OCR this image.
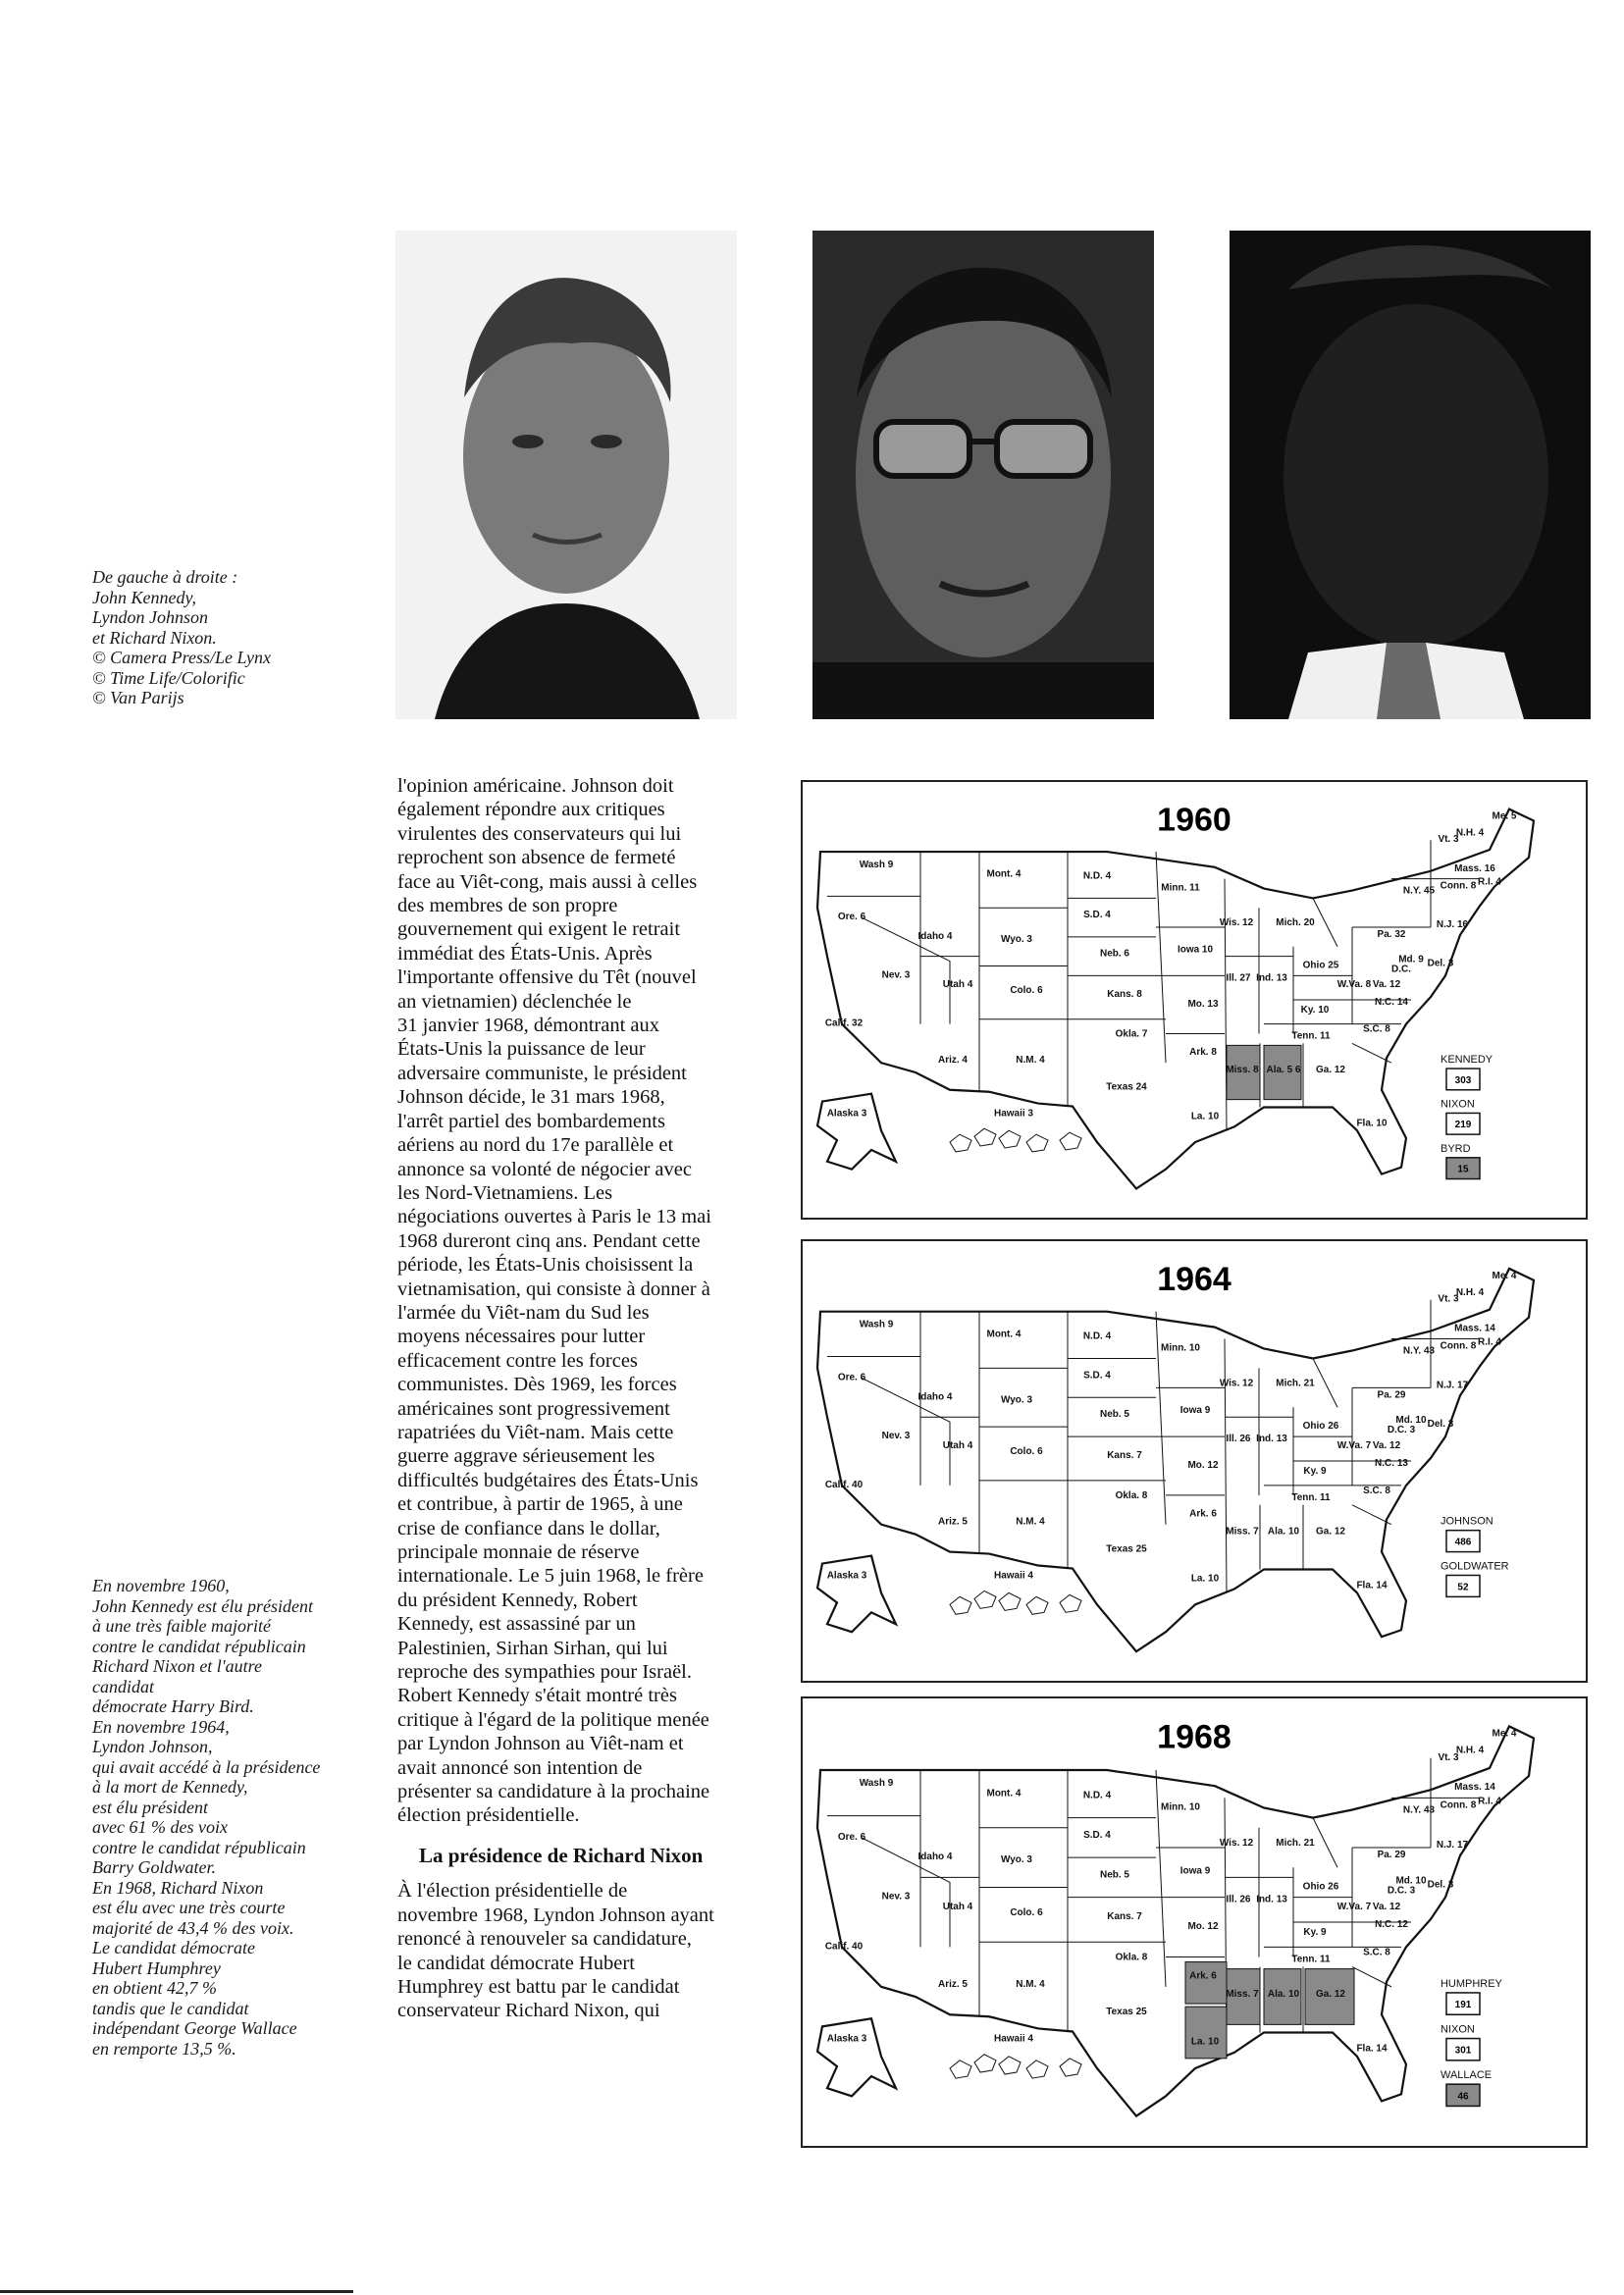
De gauche à droite :
John Kennedy,
Lyndon Johnson
et Richard Nixon.
© Camera Press/Le Lynx
© Time Life/Colorific
© Van Parijs
En novembre 1960,
John Kennedy est élu président
à une très faible majorité
contre le candidat républicain
Richard Nixon et l'autre
candidat
démocrate Harry Bird.
En novembre 1964,
Lyndon Johnson,
qui avait accédé à la présidence
à la mort de Kennedy,
est élu président
avec 61 % des voix
contre le candidat républicain
Barry Goldwater.
En 1968, Richard Nixon
est élu avec une très courte
majorité de 43,4 % des voix.
Le candidat démocrate
Hubert Humphrey
en obtient 42,7 %
tandis que le candidat
indépendant George Wallace
en remporte 13,5 %.
l'opinion américaine. Johnson doit
également répondre aux critiques
virulentes des conservateurs qui lui
reprochent son absence de fermeté
face au Viêt-cong, mais aussi à celles
des membres de son propre
gouvernement qui exigent le retrait
immédiat des États-Unis. Après
l'importante offensive du Têt (nouvel
an vietnamien) déclenchée le
31 janvier 1968, démontrant aux
États-Unis la puissance de leur
adversaire communiste, le président
Johnson décide, le 31 mars 1968,
l'arrêt partiel des bombardements
aériens au nord du 17e parallèle et
annonce sa volonté de négocier avec
les Nord-Vietnamiens. Les
négociations ouvertes à Paris le 13 mai
1968 dureront cinq ans. Pendant cette
période, les États-Unis choisissent la
vietnamisation, qui consiste à donner à
l'armée du Viêt-nam du Sud les
moyens nécessaires pour lutter
efficacement contre les forces
communistes. Dès 1969, les forces
américaines sont progressivement
rapatriées du Viêt-nam. Mais cette
guerre aggrave sérieusement les
difficultés budgétaires des États-Unis
et contribue, à partir de 1965, à une
crise de confiance dans le dollar,
principale monnaie de réserve
internationale. Le 5 juin 1968, le frère
du président Kennedy, Robert
Kennedy, est assassiné par un
Palestinien, Sirhan Sirhan, qui lui
reproche des sympathies pour Israël.
Robert Kennedy s'était montré très
critique à l'égard de la politique menée
par Lyndon Johnson au Viêt-nam et
avait annoncé son intention de
présenter sa candidature à la prochaine
élection présidentielle.
La présidence de Richard Nixon
À l'élection présidentielle de
novembre 1968, Lyndon Johnson ayant
renoncé à renouveler sa candidature,
le candidat démocrate Hubert
Humphrey est battu par le candidat
conservateur Richard Nixon, qui
1960
Wash 9
Ore. 6
Calif. 32
Idaho 4
Nev. 3
Utah 4
Ariz. 4
Mont. 4
Wyo. 3
Colo. 6
N.M. 4
N.D. 4
S.D. 4
Neb. 6
Kans. 8
Okla. 7
Texas 24
Minn. 11
Iowa 10
Mo. 13
Ark. 8
La. 10
Wis. 12
Ill. 27
Mich. 20
Ind. 13
Ohio 25
Ky. 10
Tenn. 11
Miss. 8 Ala. 5 6 Ga. 12
Fla. 10
S.C. 8
N.C. 14
Va. 12
W.Va. 8
D.C.
Md. 9 Del. 3
Pa. 32
N.J. 16
N.Y. 45
Vt. 3
N.H. 4
Me. 5
Mass. 16
Conn. 8 R.I. 4
Alaska 3	Hawaii 3
KENNEDY
303
NIXON
219
BYRD
15
1964
Wash 9
Ore. 6
Calif. 40
Idaho 4
Nev. 3
Utah 4
Ariz. 5
Mont. 4
Wyo. 3
Colo. 6
N.M. 4
N.D. 4
S.D. 4
Neb. 5
Kans. 7
Okla. 8
Texas 25
Minn. 10
Iowa 9
Mo. 12
Ark. 6
La. 10
Wis. 12
Ill. 26
Mich. 21
Ind. 13
Ohio 26
Ky. 9
Tenn. 11
Miss. 7 Ala. 10 Ga. 12
Fla. 14
S.C. 8
N.C. 13
Va. 12
W.Va. 7
D.C. 3
Md. 10 Del. 3
Pa. 29
N.J. 17
N.Y. 43
Vt. 3
N.H. 4
Me. 4
Mass. 14
Conn. 8 R.I. 4
Alaska 3	Hawaii 4
JOHNSON
486
GOLDWATER
52
1968
Wash 9
Ore. 6
Calif. 40
Idaho 4
Nev. 3
Utah 4
Ariz. 5
Mont. 4
Wyo. 3
Colo. 6
N.M. 4
N.D. 4
S.D. 4
Neb. 5
Kans. 7
Okla. 8
Texas 25
Minn. 10
Iowa 9
Mo. 12
Ark. 6
La. 10
Wis. 12
Ill. 26
Mich. 21
Ind. 13
Ohio 26
Ky. 9
Tenn. 11
Miss. 7 Ala. 10 Ga. 12
Fla. 14
S.C. 8
N.C. 12
Va. 12
W.Va. 7
D.C. 3
Md. 10 Del. 3
Pa. 29
N.J. 17
N.Y. 43
Vt. 3
N.H. 4
Me. 4
Mass. 14
Conn. 8 R.I. 4
Alaska 3	Hawaii 4
HUMPHREY
191
NIXON
301
WALLACE
46
